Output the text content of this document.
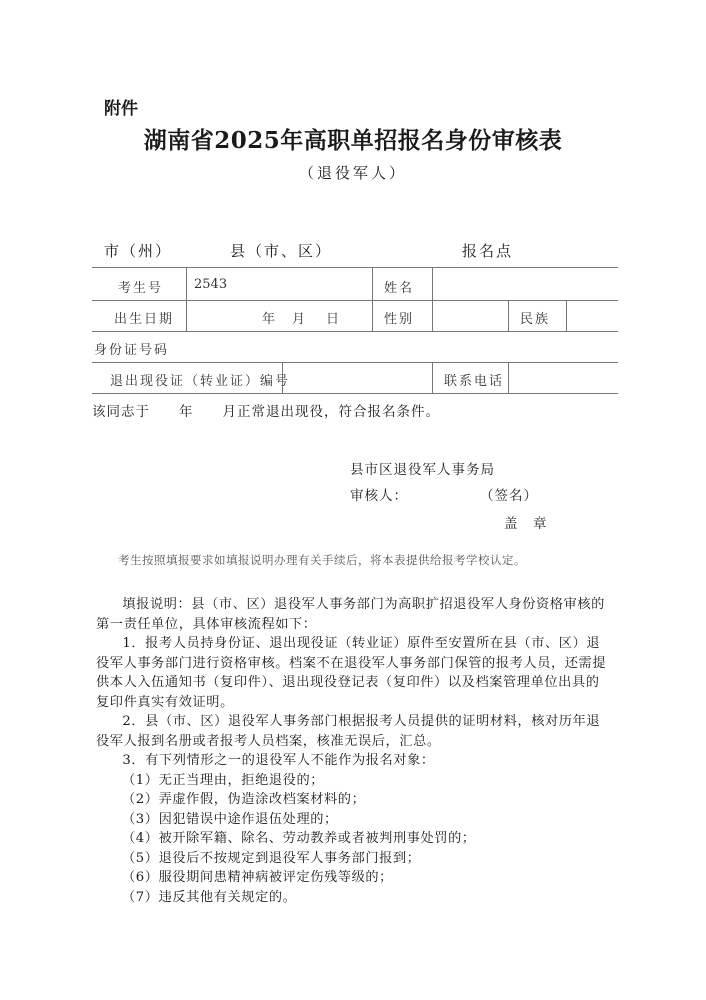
附件
湖南省2025年高职单招报名身份审核表
（退役军人）
市（州）	县（市、区）	报名点
考生号 2543	姓名
出生日期	年 月 日	性别	民族
身份证号码
退出现役证（转业证）编号	联系电话
该同志于　　年　　月正常退出现役，符合报名条件。
县市区退役军人事务局
审核人：	（签名）
盖　章
考生按照填报要求如填报说明办理有关手续后，将本表提供给报考学校认定。

填报说明：县（市、区）退役军人事务部门为高职扩招退役军人身份资格审核的第一责任单位，具体审核流程如下：

1．报考人员持身份证、退出现役证（转业证）原件至安置所在县（市、区）退役军人事务部门进行资格审核。档案不在退役军人事务部门保管的报考人员，还需提供本人入伍通知书（复印件）、退出现役登记表（复印件）以及档案管理单位出具的复印件真实有效证明。

2．县（市、区）退役军人事务部门根据报考人员提供的证明材料，核对历年退役军人报到名册或者报考人员档案，核准无误后，汇总。

3．有下列情形之一的退役军人不能作为报名对象：

（1）无正当理由，拒绝退役的；

（2）弄虚作假，伪造涂改档案材料的；

（3）因犯错误中途作退伍处理的；

（4）被开除军籍、除名、劳动教养或者被判刑事处罚的；

（5）退役后不按规定到退役军人事务部门报到；

（6）服役期间患精神病被评定伤残等级的；

（7）违反其他有关规定的。
